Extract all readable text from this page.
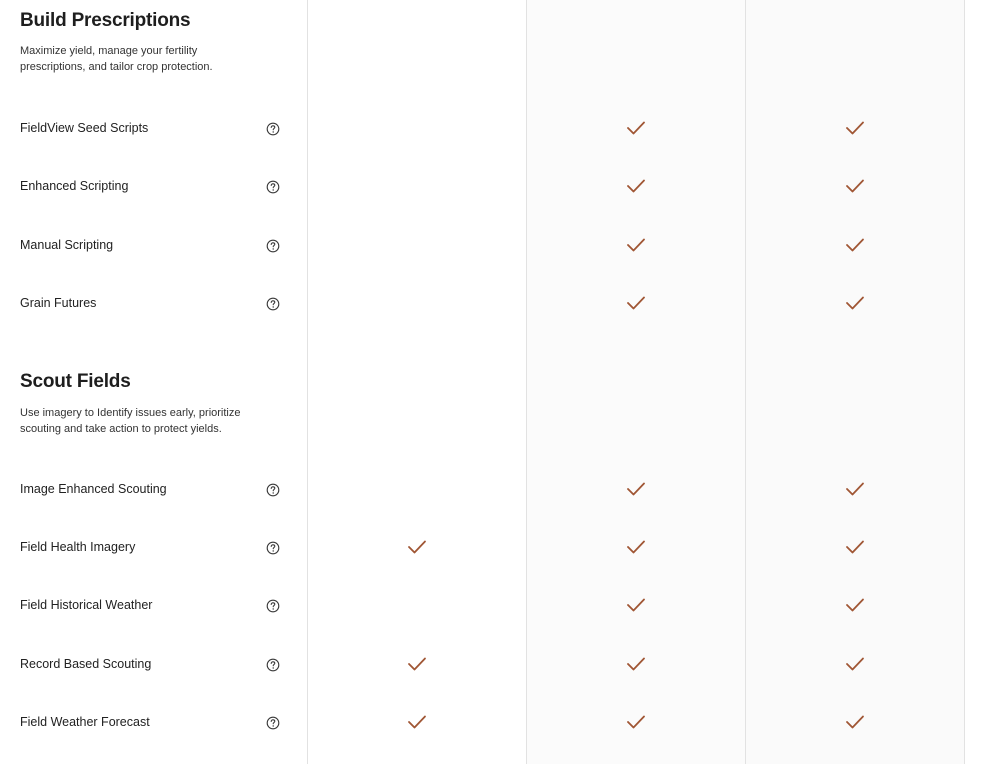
Build Prescriptions

Maximize yield, manage your fertility prescriptions, and tailor crop protection.

FieldView Seed Scripts
Enhanced Scripting
Manual Scripting
Grain Futures
Scout Fields

Use imagery to Identify issues early, prioritize scouting and take action to protect yields.

Image Enhanced Scouting
Field Health Imagery
Field Historical Weather
Record Based Scouting
Field Weather Forecast
